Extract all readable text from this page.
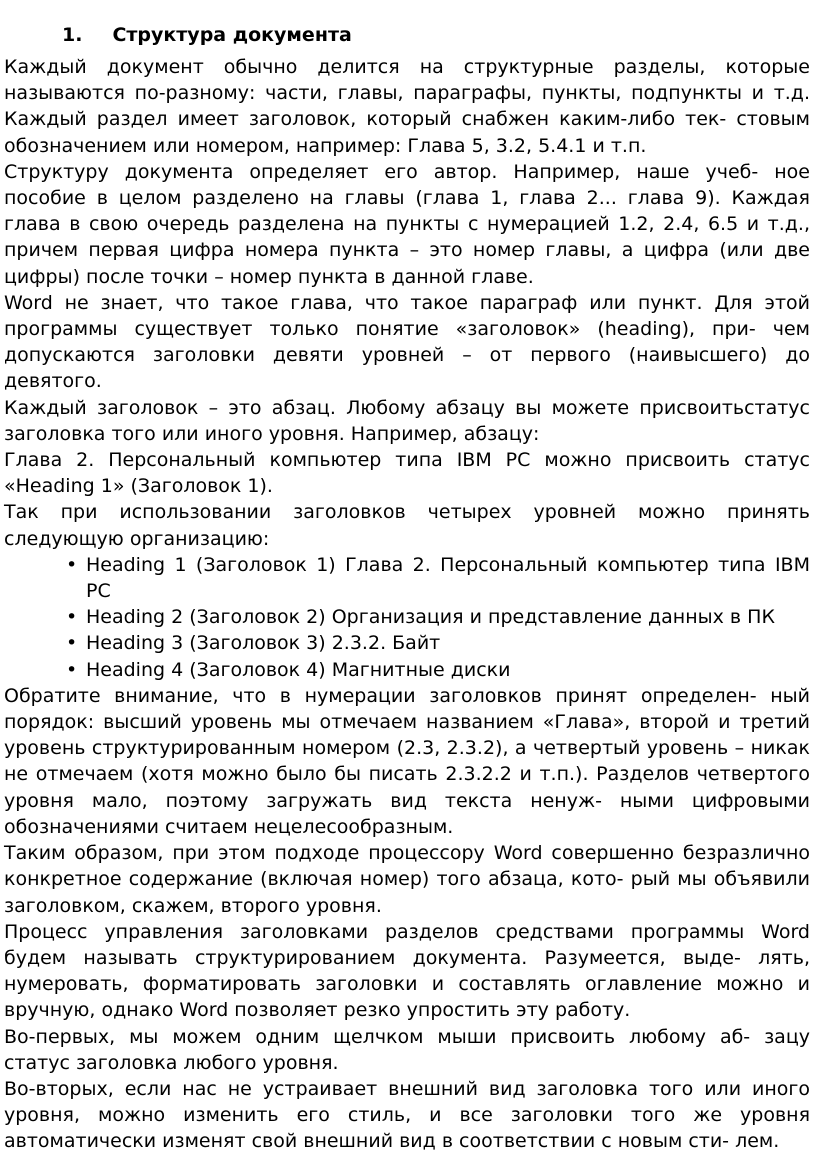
1. Структура документа

Каждый документ обычно делится на структурные разделы, которые называются по-разному: части, главы, параграфы, пункты, подпункты и т.д. Каждый раздел имеет заголовок, который снабжен каким-либо тек- стовым обозначением или номером, например: Глава 5, 3.2, 5.4.1 и т.п.

Структуру документа определяет его автор. Например, наше учеб- ное пособие в целом разделено на главы (глава 1, глава 2... глава 9). Каждая глава в свою очередь разделена на пункты с нумерацией 1.2, 2.4, 6.5 и т.д., причем первая цифра номера пункта – это номер главы, а цифра (или две цифры) после точки – номер пункта в данной главе.

Word не знает, что такое глава, что такое параграф или пункт. Для этой программы существует только понятие «заголовок» (heading), при- чем допускаются заголовки девяти уровней – от первого (наивысшего) до девятого.

Каждый заголовок – это абзац. Любому абзацу вы можете присвоитьстатус заголовка того или иного уровня. Например, абзацу:

Глава 2. Персональный компьютер типа IBM PC можно присвоить статус «Heading 1» (Заголовок 1).

Так при использовании заголовков четырех уровней можно принять следующую организацию:

• Heading 1 (Заголовок 1) Глава 2. Персональный компьютер типа IBM PC
• Heading 2 (Заголовок 2) Организация и представление данных в ПК
• Heading 3 (Заголовок 3) 2.3.2. Байт
• Heading 4 (Заголовок 4) Магнитные диски

Обратите внимание, что в нумерации заголовков принят определен- ный порядок: высший уровень мы отмечаем названием «Глава», второй и третий уровень структурированным номером (2.3, 2.3.2), а четвертый уровень – никак не отмечаем (хотя можно было бы писать 2.3.2.2 и т.п.). Разделов четвертого уровня мало, поэтому загружать вид текста ненуж- ными цифровыми обозначениями считаем нецелесообразным.

Таким образом, при этом подходе процессору Word совершенно безразлично конкретное содержание (включая номер) того абзаца, кото- рый мы объявили заголовком, скажем, второго уровня.

Процесс управления заголовками разделов средствами программы Word будем называть структурированием документа. Разумеется, выде- лять, нумеровать, форматировать заголовки и составлять оглавление можно и вручную, однако Word позволяет резко упростить эту работу.

Во-первых, мы можем одним щелчком мыши присвоить любому аб- зацу статус заголовка любого уровня.

Во-вторых, если нас не устраивает внешний вид заголовка того или иного уровня, можно изменить его стиль, и все заголовки того же уровня автоматически изменят свой внешний вид в соответствии с новым сти- лем.
